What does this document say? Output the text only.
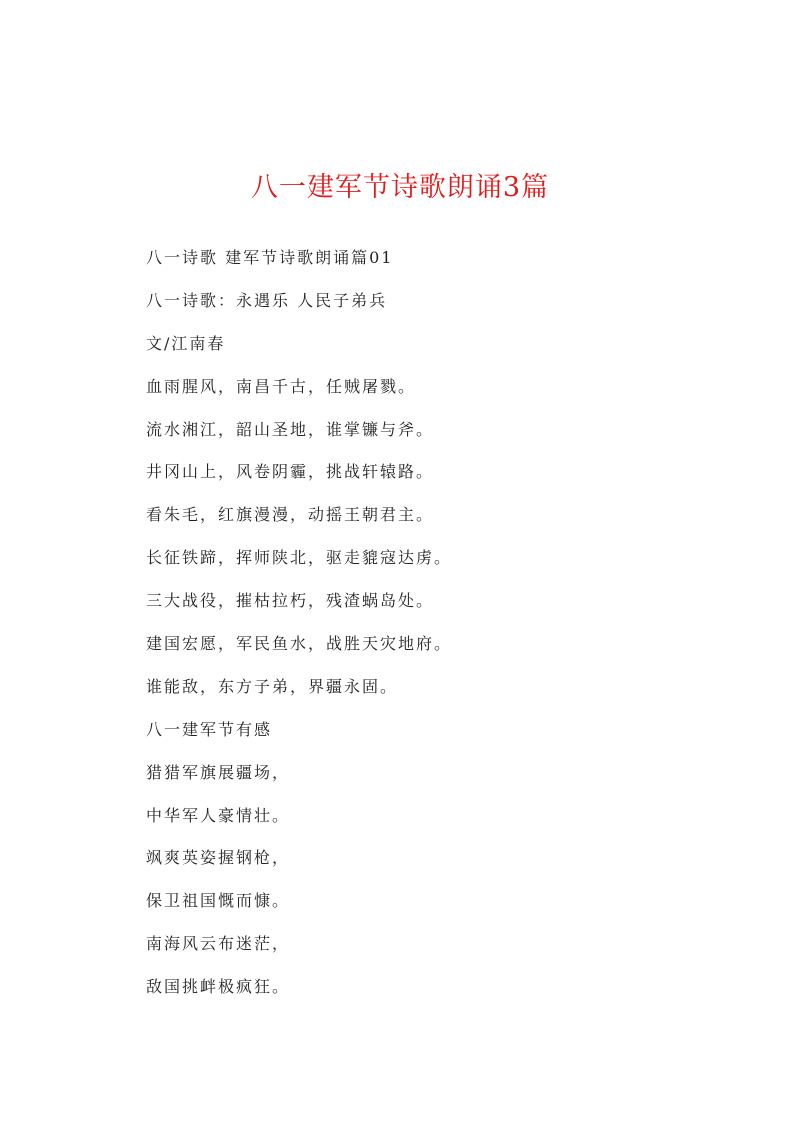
八一建军节诗歌朗诵3篇
八一诗歌 建军节诗歌朗诵篇01
八一诗歌：永遇乐 人民子弟兵
文/江南春
血雨腥风，南昌千古，任贼屠戮。
流水湘江，韶山圣地，谁掌镰与斧。
井冈山上，风卷阴霾，挑战轩辕路。
看朱毛，红旗漫漫，动摇王朝君主。
长征铁蹄，挥师陕北，驱走貔寇达虏。
三大战役，摧枯拉朽，残渣蜗岛处。
建国宏愿，军民鱼水，战胜天灾地府。
谁能敌，东方子弟，界疆永固。
八一建军节有感
猎猎军旗展疆场，
中华军人豪情壮。
飒爽英姿握钢枪，
保卫祖国慨而慷。
南海风云布迷茫，
敌国挑衅极疯狂。
